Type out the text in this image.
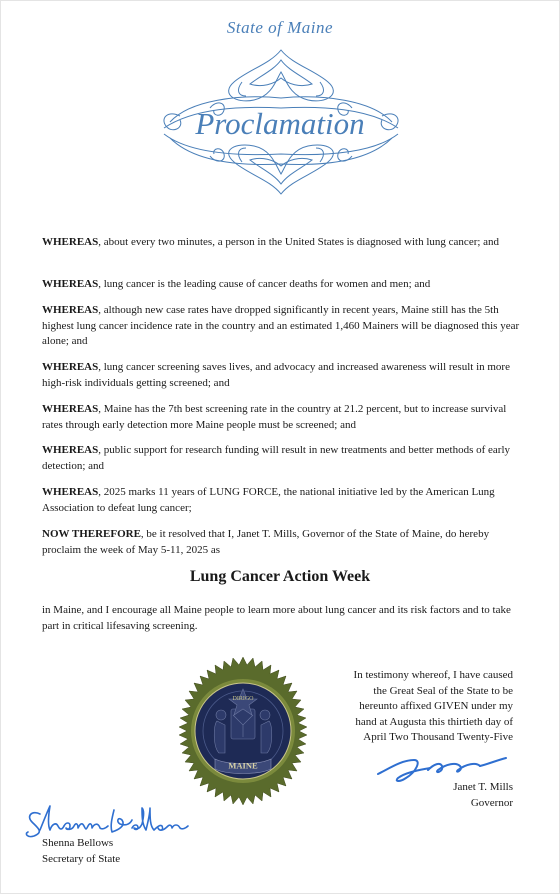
State of Maine
Proclamation

WHEREAS, about every two minutes, a person in the United States is diagnosed with lung cancer; and

WHEREAS, lung cancer is the leading cause of cancer deaths for women and men; and

WHEREAS, although new case rates have dropped significantly in recent years, Maine still has the 5th highest lung cancer incidence rate in the country and an estimated 1,460 Mainers will be diagnosed this year alone; and

WHEREAS, lung cancer screening saves lives, and advocacy and increased awareness will result in more high-risk individuals getting screened; and

WHEREAS, Maine has the 7th best screening rate in the country at 21.2 percent, but to increase survival rates through early detection more Maine people must be screened; and

WHEREAS, public support for research funding will result in new treatments and better methods of early detection; and

WHEREAS, 2025 marks 11 years of LUNG FORCE, the national initiative led by the American Lung Association to defeat lung cancer;

NOW THEREFORE, be it resolved that I, Janet T. Mills, Governor of the State of Maine, do hereby proclaim the week of May 5-11, 2025 as

Lung Cancer Action Week

in Maine, and I encourage all Maine people to learn more about lung cancer and its risk factors and to take part in critical lifesaving screening.

MAINE
DIRIGO
In testimony whereof, I have caused
the Great Seal of the State to be
hereunto affixed GIVEN under my
hand at Augusta this thirtieth day of
April Two Thousand Twenty-Five
Janet T. Mills
Governor
Shenna Bellows
Secretary of State
